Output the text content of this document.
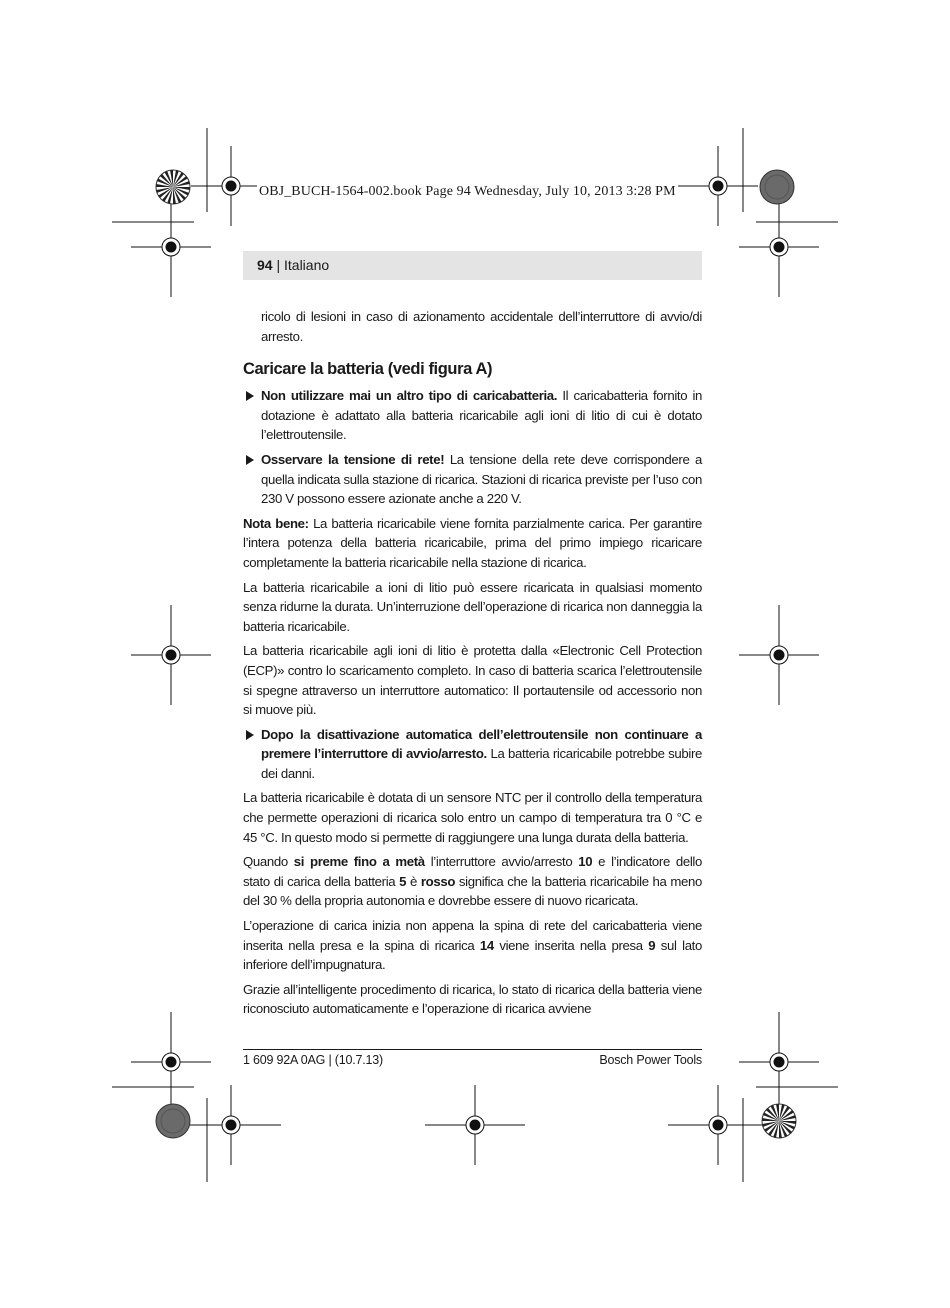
OBJ_BUCH-1564-002.book Page 94 Wednesday, July 10, 2013 3:28 PM
94 | Italiano

ricolo di lesioni in caso di azionamento accidentale dell’interruttore di avvio/di arresto.

Caricare la batteria (vedi figura A)
Non utilizzare mai un altro tipo di caricabatteria. Il caricabatteria fornito in dotazione è adattato alla batteria ricaricabile agli ioni di litio di cui è dotato l’elettroutensile.
Osservare la tensione di rete! La tensione della rete deve corrispondere a quella indicata sulla stazione di ricarica. Stazioni di ricarica previste per l’uso con 230 V possono essere azionate anche a 220 V.

Nota bene: La batteria ricaricabile viene fornita parzialmente carica. Per garantire l’intera potenza della batteria ricaricabile, prima del primo impiego ricaricare completamente la batteria ricaricabile nella stazione di ricarica.

La batteria ricaricabile a ioni di litio può essere ricaricata in qualsiasi momento senza ridurne la durata. Un’interruzione dell’operazione di ricarica non danneggia la batteria ricaricabile.

La batteria ricaricabile agli ioni di litio è protetta dalla «Electronic Cell Protection (ECP)» contro lo scaricamento completo. In caso di batteria scarica l’elettroutensile si spegne attraverso un interruttore automatico: Il portautensile od accessorio non si muove più.

Dopo la disattivazione automatica dell’elettroutensile non continuare a premere l’interruttore di avvio/arresto. La batteria ricaricabile potrebbe subire dei danni.

La batteria ricaricabile è dotata di un sensore NTC per il controllo della temperatura che permette operazioni di ricarica solo entro un campo di temperatura tra 0 °C e 45 °C. In questo modo si permette di raggiungere una lunga durata della batteria.

Quando si preme fino a metà l’interruttore avvio/arresto 10 e l’indicatore dello stato di carica della batteria 5 è rosso significa che la batteria ricaricabile ha meno del 30 % della propria autonomia e dovrebbe essere di nuovo ricaricata.

L’operazione di carica inizia non appena la spina di rete del caricabatteria viene inserita nella presa e la spina di ricarica 14 viene inserita nella presa 9 sul lato inferiore dell’impugnatura.

Grazie all’intelligente procedimento di ricarica, lo stato di ricarica della batteria viene riconosciuto automaticamente e l’operazione di ricarica avviene

1 609 92A 0AG | (10.7.13)	Bosch Power Tools
